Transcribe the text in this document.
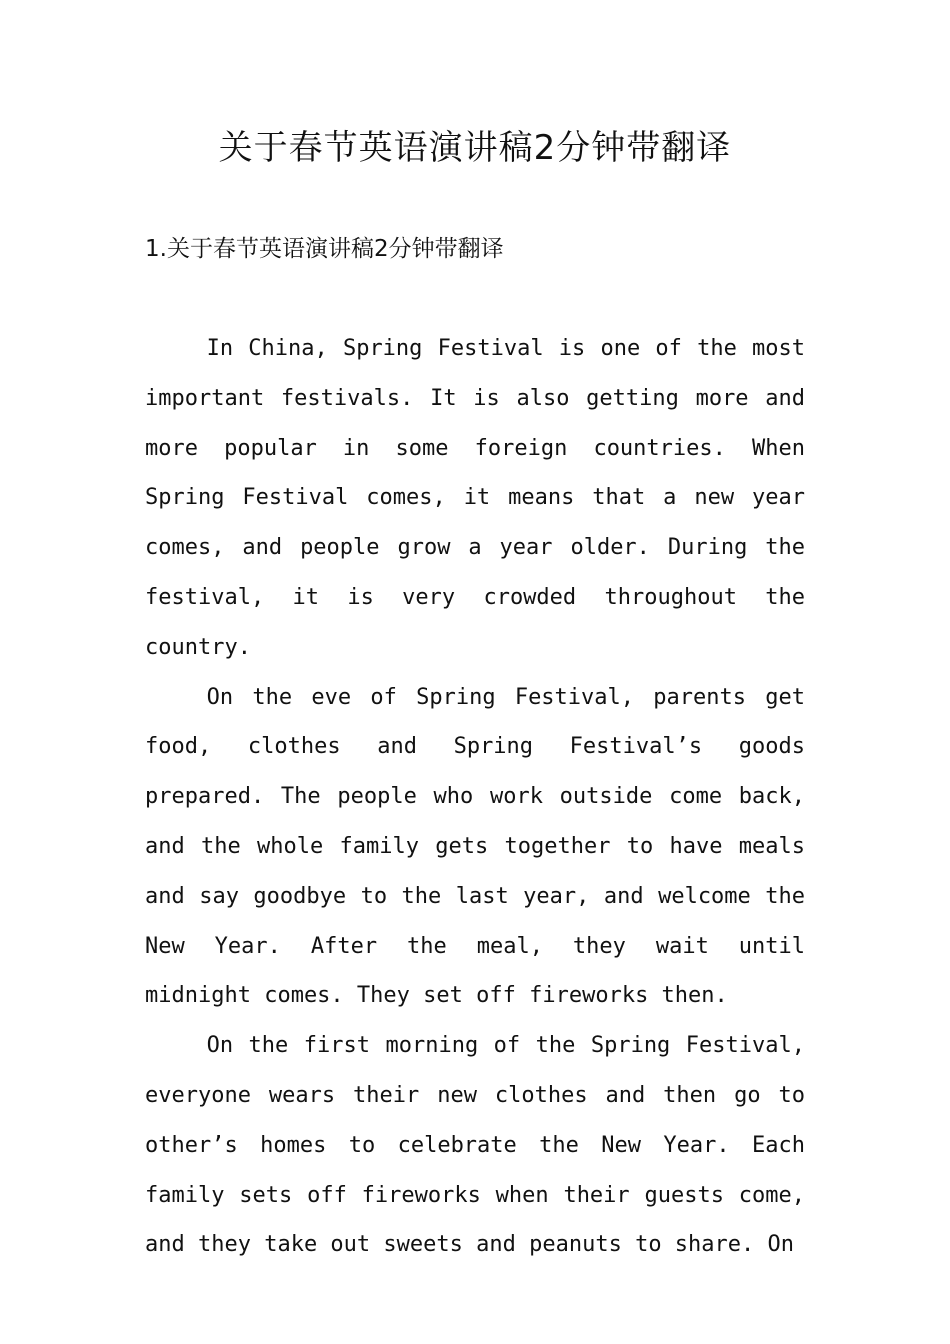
关于春节英语演讲稿2分钟带翻译
1.关于春节英语演讲稿2分钟带翻译

In China, Spring Festival is one of the most important festivals. It is also getting more and more popular in some foreign countries. When Spring Festival comes, it means that a new year comes, and people grow a year older. During the festival, it is very crowded throughout the country.

On the eve of Spring Festival, parents get food, clothes and Spring Festival’s goods prepared. The people who work outside come back, and the whole family gets together to have meals and say goodbye to the last year, and welcome the New Year. After the meal, they wait until midnight comes. They set off fireworks then.

On the first morning of the Spring Festival, everyone wears their new clothes and then go to other’s homes to celebrate the New Year. Each family sets off fireworks when their guests come, and they take out sweets and peanuts to share. On
